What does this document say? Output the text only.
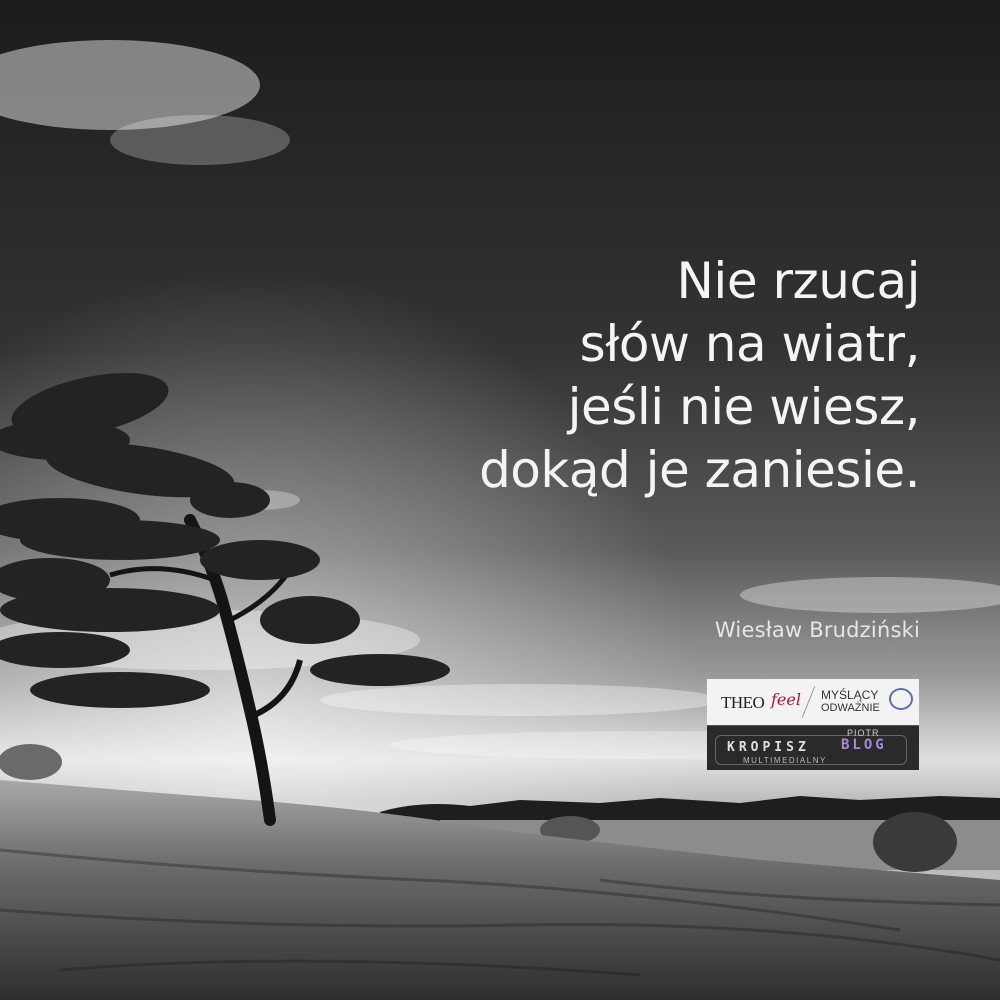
Nie rzucaj
słów na wiatr,
jeśli nie wiesz,
dokąd je zaniesie.
Wiesław Brudziński
THEO feel MYŚLĄCY
ODWAŻNIE
PIOTR
KROPISZ BLOG
MULTIMEDIALNY
